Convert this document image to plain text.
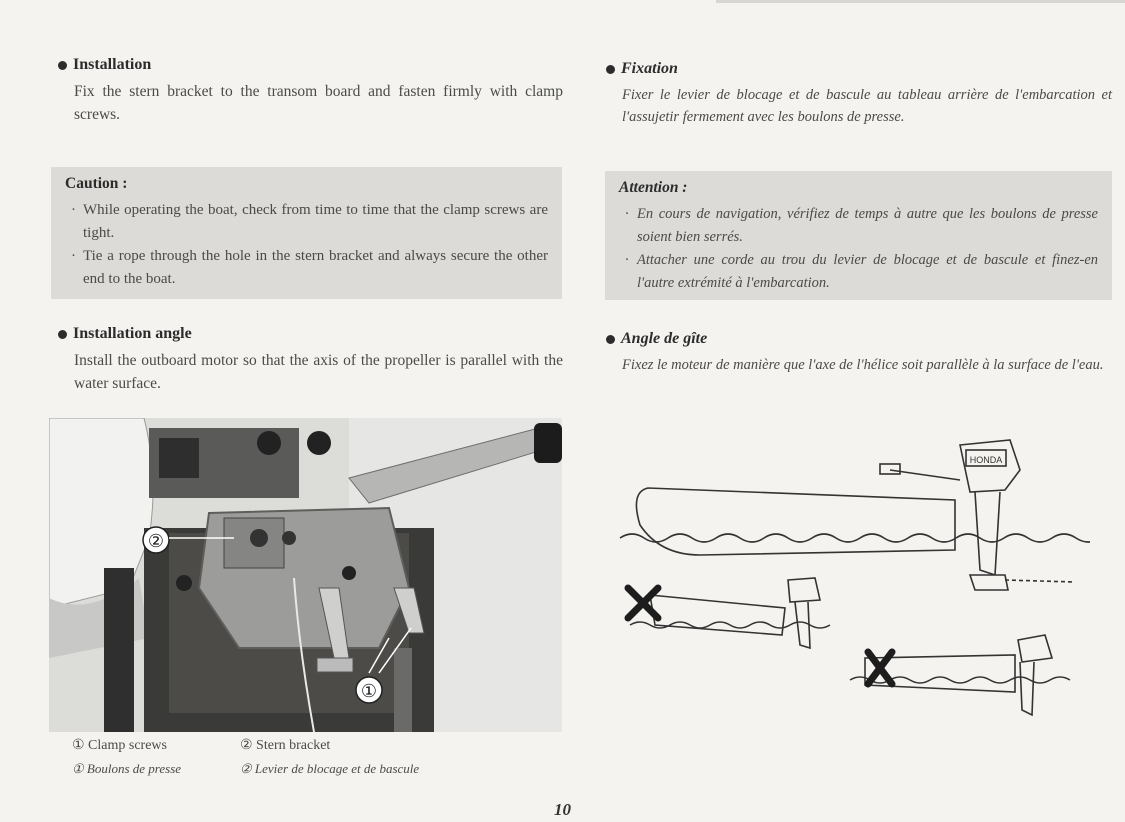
Installation
Fix the stern bracket to the transom board and fasten firmly with clamp screws.
Caution :
· While operating the boat, check from time to time that the clamp screws are tight.
· Tie a rope through the hole in the stern bracket and always secure the other end to the boat.
Installation angle
Install the outboard motor so that the axis of the propeller is parallel with the water surface.
②
①
① Clamp screws	② Stern bracket
① Boulons de presse	② Levier de blocage et de bascule
Fixation
Fixer le levier de blocage et de bascule au tableau arrière de l'embarcation et l'assujetir fermement avec les boulons de presse.
Attention :
· En cours de navigation, vérifiez de temps à autre que les boulons de presse soient bien serrés.
· Attacher une corde au trou du levier de blocage et de bascule et finez-en l'autre extrémité à l'embarcation.
Angle de gîte
Fixez le moteur de manière que l'axe de l'hélice soit parallèle à la surface de l'eau.
HONDA
10
